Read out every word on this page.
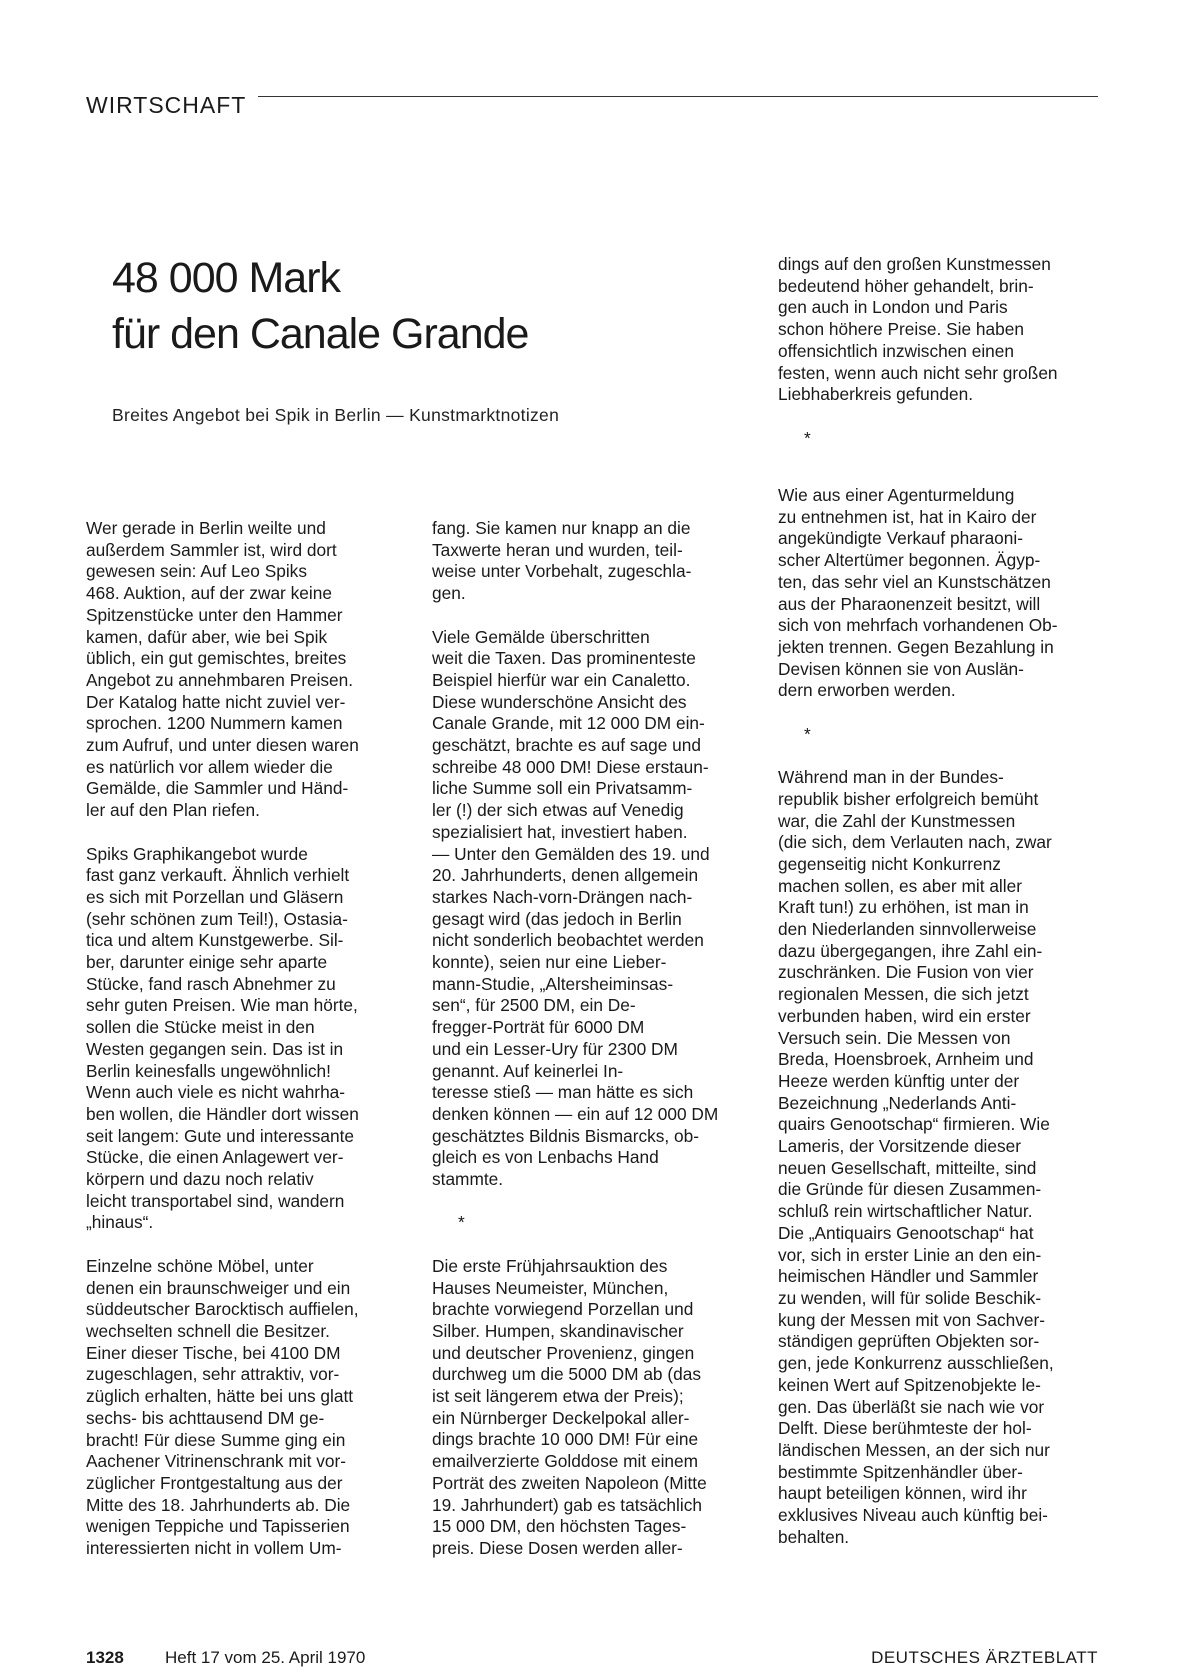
WIRTSCHAFT
48 000 Mark
für den Canale Grande
Breites Angebot bei Spik in Berlin — Kunstmarktnotizen

dings auf den großen Kunstmessen
bedeutend höher gehandelt, brin-
gen auch in London und Paris
schon höhere Preise. Sie haben
offensichtlich inzwischen einen
festen, wenn auch nicht sehr großen
Liebhaberkreis gefunden.

*

Wer gerade in Berlin weilte und
außerdem Sammler ist, wird dort
gewesen sein: Auf Leo Spiks
468. Auktion, auf der zwar keine
Spitzenstücke unter den Hammer
kamen, dafür aber, wie bei Spik
üblich, ein gut gemischtes, breites
Angebot zu annehmbaren Preisen.
Der Katalog hatte nicht zuviel ver-
sprochen. 1200 Nummern kamen
zum Aufruf, und unter diesen waren
es natürlich vor allem wieder die
Gemälde, die Sammler und Händ-
ler auf den Plan riefen.

Spiks Graphikangebot wurde
fast ganz verkauft. Ähnlich verhielt
es sich mit Porzellan und Gläsern
(sehr schönen zum Teil!), Ostasia-
tica und altem Kunstgewerbe. Sil-
ber, darunter einige sehr aparte
Stücke, fand rasch Abnehmer zu
sehr guten Preisen. Wie man hörte,
sollen die Stücke meist in den
Westen gegangen sein. Das ist in
Berlin keinesfalls ungewöhnlich!
Wenn auch viele es nicht wahrha-
ben wollen, die Händler dort wissen
seit langem: Gute und interessante
Stücke, die einen Anlagewert ver-
körpern und dazu noch relativ
leicht transportabel sind, wandern
„hinaus“.

Einzelne schöne Möbel, unter
denen ein braunschweiger und ein
süddeutscher Barocktisch auffielen,
wechselten schnell die Besitzer.
Einer dieser Tische, bei 4100 DM
zugeschlagen, sehr attraktiv, vor-
züglich erhalten, hätte bei uns glatt
sechs- bis achttausend DM ge-
bracht! Für diese Summe ging ein
Aachener Vitrinenschrank mit vor-
züglicher Frontgestaltung aus der
Mitte des 18. Jahrhunderts ab. Die
wenigen Teppiche und Tapisserien
interessierten nicht in vollem Um-

fang. Sie kamen nur knapp an die
Taxwerte heran und wurden, teil-
weise unter Vorbehalt, zugeschla-
gen.

Viele Gemälde überschritten
weit die Taxen. Das prominenteste
Beispiel hierfür war ein Canaletto.
Diese wunderschöne Ansicht des
Canale Grande, mit 12 000 DM ein-
geschätzt, brachte es auf sage und
schreibe 48 000 DM! Diese erstaun-
liche Summe soll ein Privatsamm-
ler (!) der sich etwas auf Venedig
spezialisiert hat, investiert haben.
— Unter den Gemälden des 19. und
20. Jahrhunderts, denen allgemein
starkes Nach-vorn-Drängen nach-
gesagt wird (das jedoch in Berlin
nicht sonderlich beobachtet werden
konnte), seien nur eine Lieber-
mann-Studie, „Altersheiminsas-
sen“, für 2500 DM, ein De-
fregger-Porträt für 6000 DM
und ein Lesser-Ury für 2300 DM
genannt. Auf keinerlei In-
teresse stieß — man hätte es sich
denken können — ein auf 12 000 DM
geschätztes Bildnis Bismarcks, ob-
gleich es von Lenbachs Hand
stammte.

*

Die erste Frühjahrsauktion des
Hauses Neumeister, München,
brachte vorwiegend Porzellan und
Silber. Humpen, skandinavischer
und deutscher Provenienz, gingen
durchweg um die 5000 DM ab (das
ist seit längerem etwa der Preis);
ein Nürnberger Deckelpokal aller-
dings brachte 10 000 DM! Für eine
emailverzierte Golddose mit einem
Porträt des zweiten Napoleon (Mitte
19. Jahrhundert) gab es tatsächlich
15 000 DM, den höchsten Tages-
preis. Diese Dosen werden aller-

Wie aus einer Agenturmeldung
zu entnehmen ist, hat in Kairo der
angekündigte Verkauf pharaoni-
scher Altertümer begonnen. Ägyp-
ten, das sehr viel an Kunstschätzen
aus der Pharaonenzeit besitzt, will
sich von mehrfach vorhandenen Ob-
jekten trennen. Gegen Bezahlung in
Devisen können sie von Auslän-
dern erworben werden.

*

Während man in der Bundes-
republik bisher erfolgreich bemüht
war, die Zahl der Kunstmessen
(die sich, dem Verlauten nach, zwar
gegenseitig nicht Konkurrenz
machen sollen, es aber mit aller
Kraft tun!) zu erhöhen, ist man in
den Niederlanden sinnvollerweise
dazu übergegangen, ihre Zahl ein-
zuschränken. Die Fusion von vier
regionalen Messen, die sich jetzt
verbunden haben, wird ein erster
Versuch sein. Die Messen von
Breda, Hoensbroek, Arnheim und
Heeze werden künftig unter der
Bezeichnung „Nederlands Anti-
quairs Genootschap“ firmieren. Wie
Lameris, der Vorsitzende dieser
neuen Gesellschaft, mitteilte, sind
die Gründe für diesen Zusammen-
schluß rein wirtschaftlicher Natur.
Die „Antiquairs Genootschap“ hat
vor, sich in erster Linie an den ein-
heimischen Händler und Sammler
zu wenden, will für solide Beschik-
kung der Messen mit von Sachver-
ständigen geprüften Objekten sor-
gen, jede Konkurrenz ausschließen,
keinen Wert auf Spitzenobjekte le-
gen. Das überläßt sie nach wie vor
Delft. Diese berühmteste der hol-
ländischen Messen, an der sich nur
bestimmte Spitzenhändler über-
haupt beteiligen können, wird ihr
exklusives Niveau auch künftig bei-
behalten.

1328 Heft 17 vom 25. April 1970	DEUTSCHES ÄRZTEBLATT
